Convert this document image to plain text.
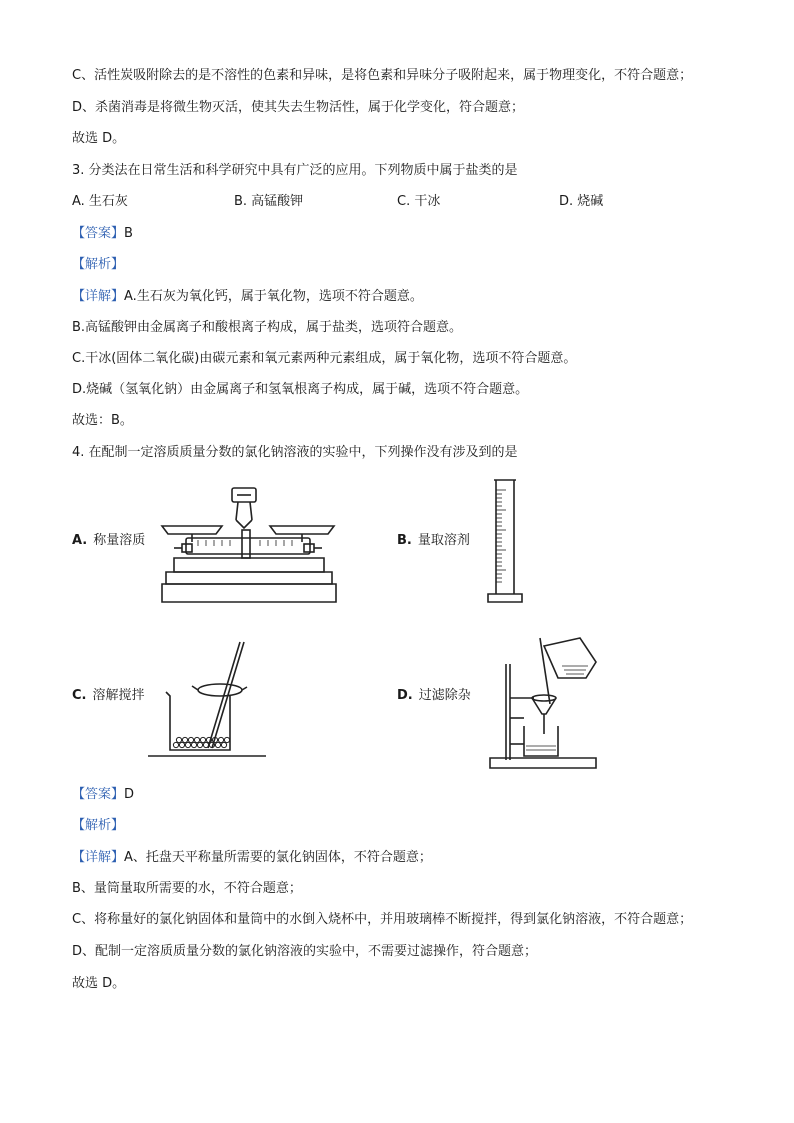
C、活性炭吸附除去的是不溶性的色素和异味，是将色素和异味分子吸附起来，属于物理变化，不符合题意；
D、杀菌消毒是将微生物灭活，使其失去生物活性，属于化学变化，符合题意；
故选 D。
3. 分类法在日常生活和科学研究中具有广泛的应用。下列物质中属于盐类的是
A. 生石灰	B. 高锰酸钾	C. 干冰	D. 烧碱
【答案】B
【解析】
【详解】A.生石灰为氧化钙，属于氧化物，选项不符合题意。
B.高锰酸钾由金属离子和酸根离子构成，属于盐类，选项符合题意。
C.干冰(固体二氧化碳)由碳元素和氧元素两种元素组成，属于氧化物，选项不符合题意。
D.烧碱（氢氧化钠）由金属离子和氢氧根离子构成，属于碱，选项不符合题意。
故选：B。
4. 在配制一定溶质质量分数的氯化钠溶液的实验中，下列操作没有涉及到的是
A. 称量溶质	B. 量取溶剂
C. 溶解搅拌	D. 过滤除杂
【答案】D
【解析】
【详解】A、托盘天平称量所需要的氯化钠固体，不符合题意；
B、量筒量取所需要的水，不符合题意；
C、将称量好的氯化钠固体和量筒中的水倒入烧杯中，并用玻璃棒不断搅拌，得到氯化钠溶液，不符合题意；
D、配制一定溶质质量分数的氯化钠溶液的实验中，不需要过滤操作，符合题意；
故选 D。
